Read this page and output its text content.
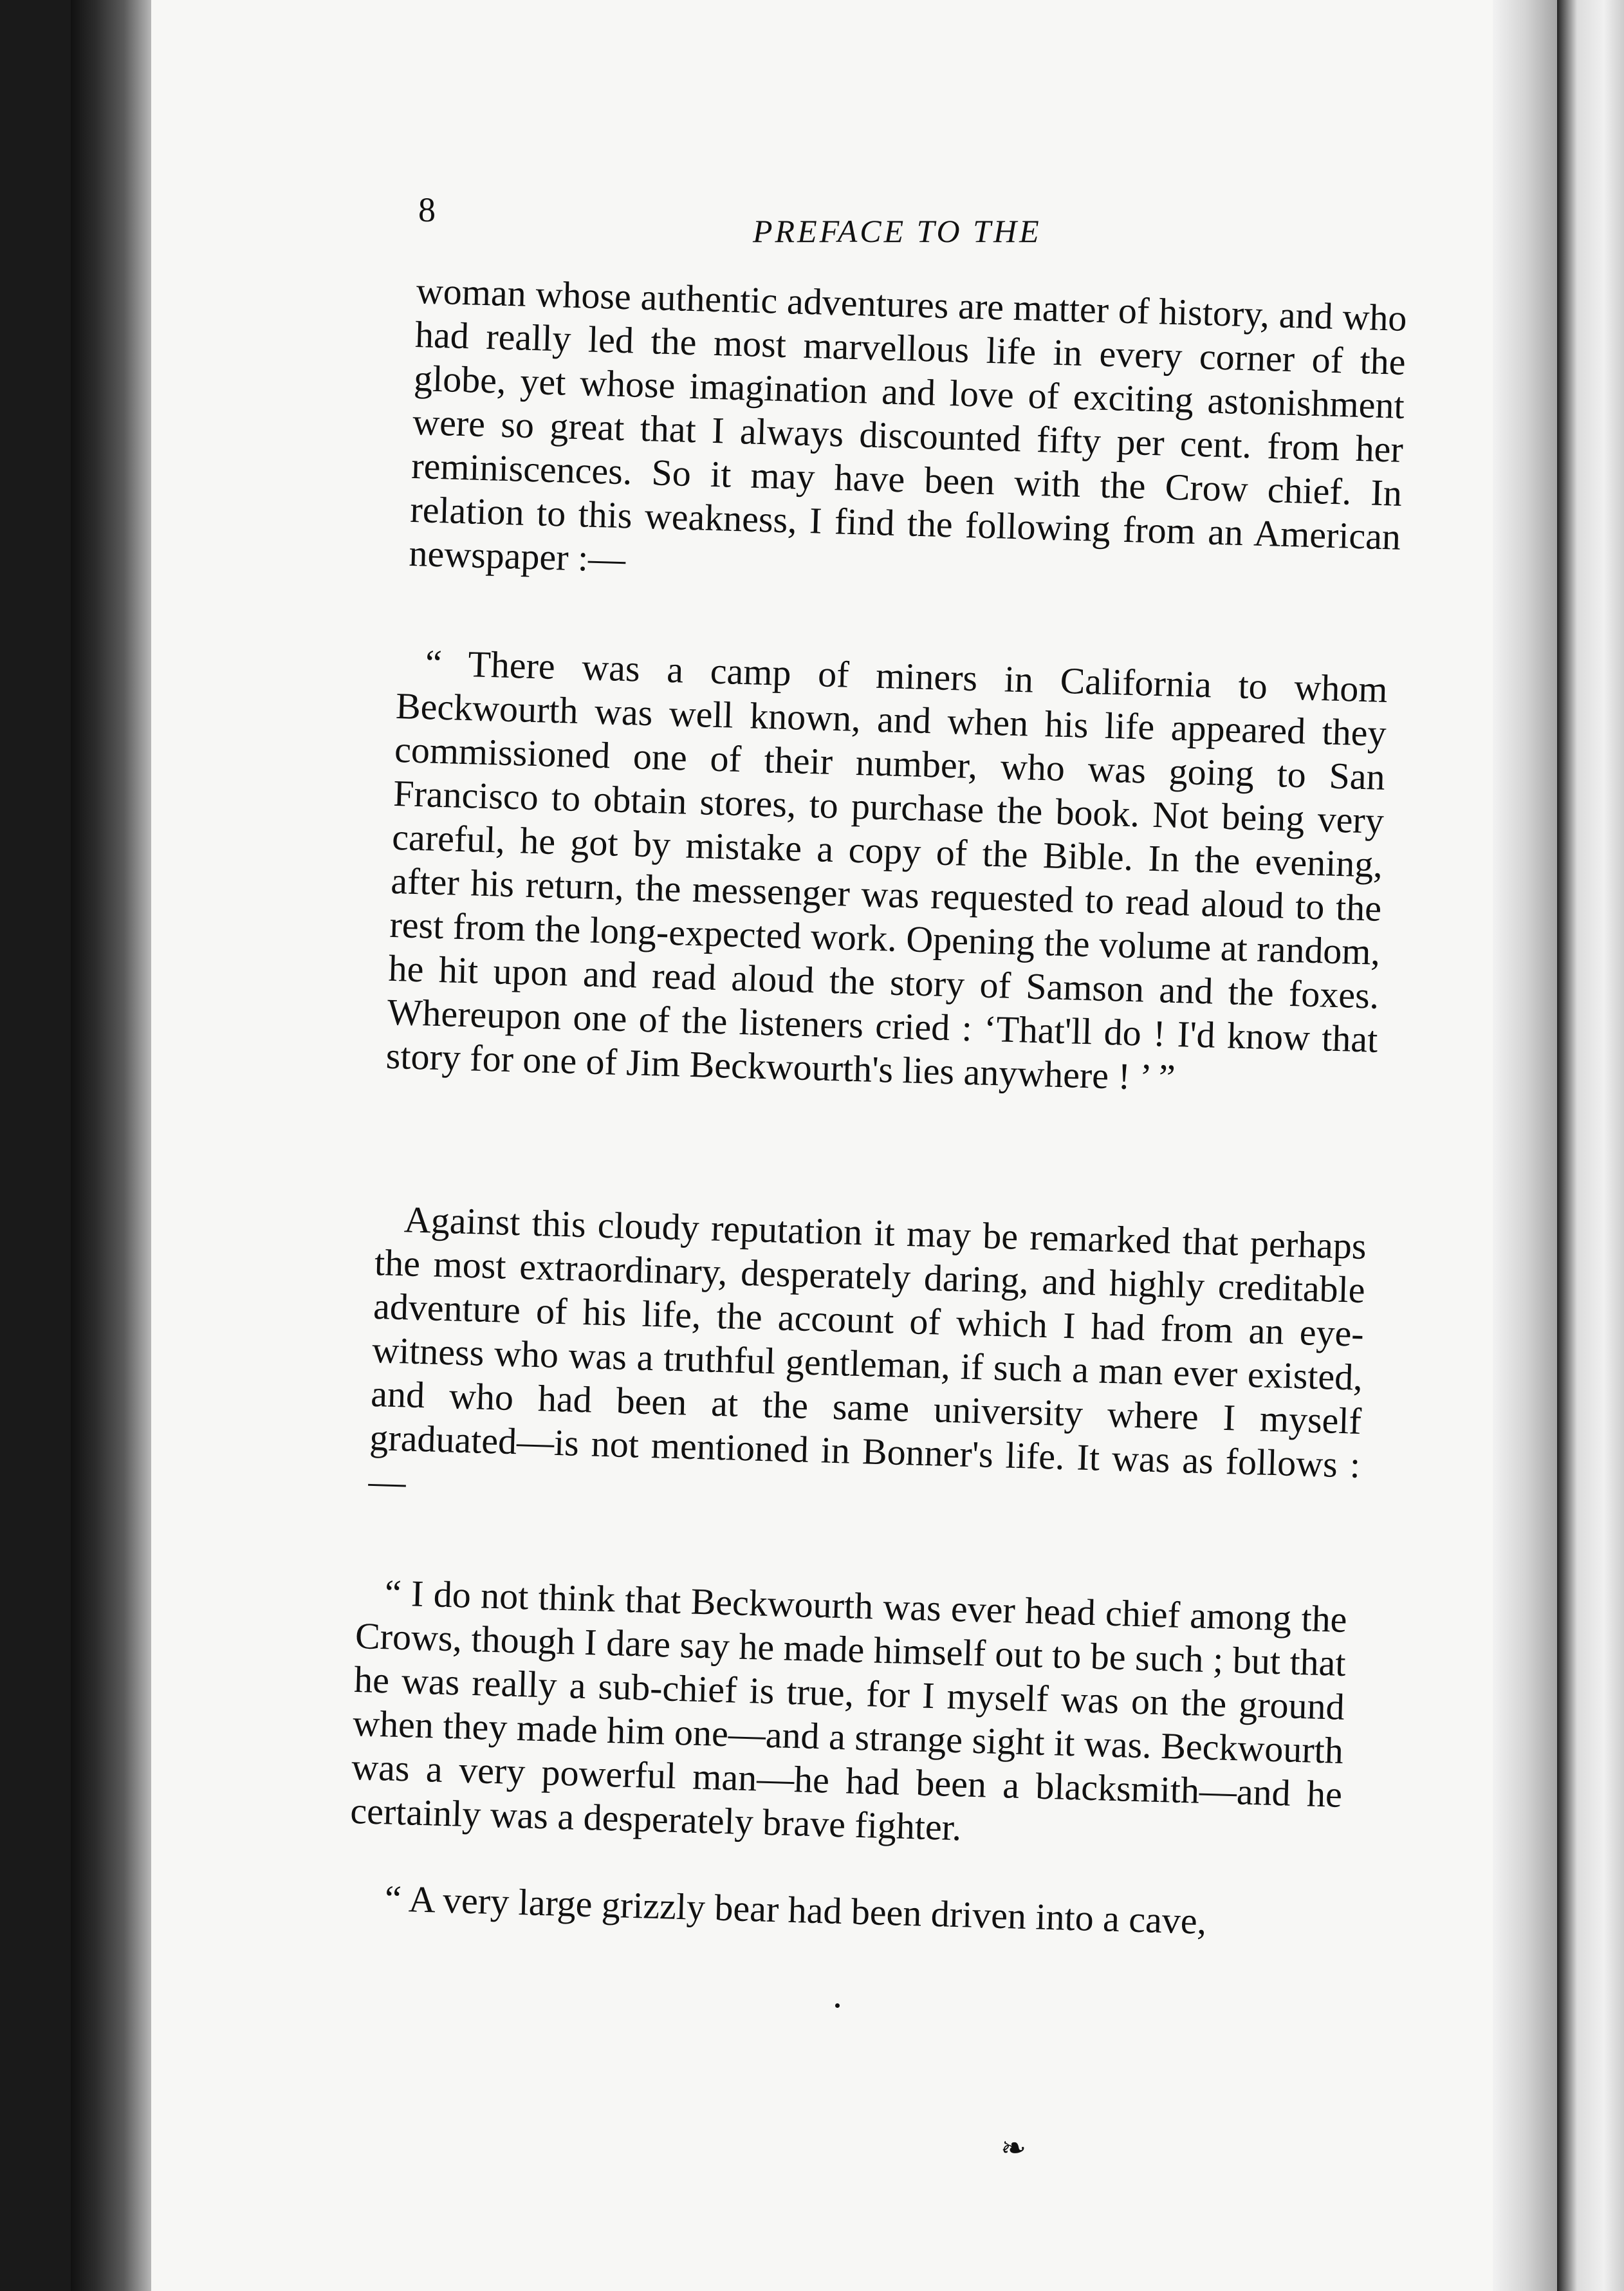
8
PREFACE TO THE

woman whose authentic adventures are matter of history, and who had really led the most marvellous life in every corner of the globe, yet whose imagination and love of exciting astonishment were so great that I always discounted fifty per cent. from her reminiscences. So it may have been with the Crow chief. In relation to this weakness, I find the following from an American newspaper :—

“ There was a camp of miners in California to whom Beckwourth was well known, and when his life appeared they commissioned one of their number, who was going to San Francisco to obtain stores, to purchase the book. Not being very careful, he got by mistake a copy of the Bible. In the evening, after his return, the messenger was requested to read aloud to the rest from the long-expected work. Opening the volume at random, he hit upon and read aloud the story of Samson and the foxes. Whereupon one of the listeners cried : ‘That'll do ! I'd know that story for one of Jim Beckwourth's lies anywhere ! ’ ”

Against this cloudy reputation it may be remarked that perhaps the most extraordinary, desperately daring, and highly creditable adventure of his life, the account of which I had from an eye-witness who was a truthful gentleman, if such a man ever existed, and who had been at the same university where I myself graduated—is not mentioned in Bonner's life. It was as follows :—

“ I do not think that Beckwourth was ever head chief among the Crows, though I dare say he made himself out to be such ; but that he was really a sub-chief is true, for I myself was on the ground when they made him one—and a strange sight it was. Beckwourth was a very powerful man—he had been a blacksmith—and he certainly was a desperately brave fighter.

“ A very large grizzly bear had been driven into a cave,

❧
